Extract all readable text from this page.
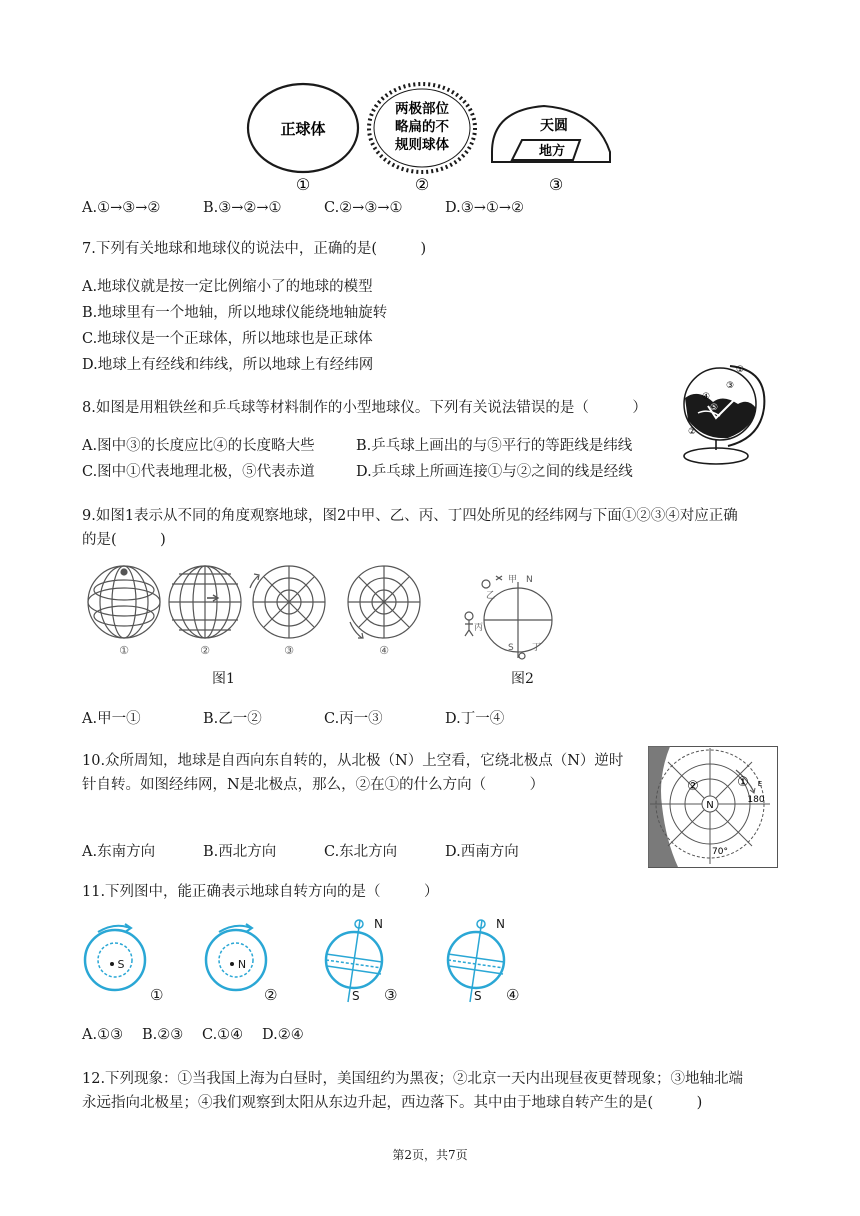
正球体
两极部位
略扁的不
规则球体
天圆
地方
①	②	③
A.①→③→②	B.③→②→①	C.②→③→①	D.③→①→②
7.下列有关地球和地球仪的说法中，正确的是(　　　)
A.地球仪就是按一定比例缩小了的地球的模型
B.地球里有一个地轴，所以地球仪能绕地轴旋转
C.地球仪是一个正球体，所以地球也是正球体
D.地球上有经线和纬线，所以地球上有经纬网
8.如图是用粗铁丝和乒乓球等材料制作的小型地球仪。下列有关说法错误的是（　　　）
A.图中③的长度应比④的长度略大些	B.乒乓球上画出的与⑤平行的等距线是纬线
C.图中①代表地理北极，⑤代表赤道	D.乒乓球上所画连接①与②之间的线是经线
①
③
④
⑤
②
9.如图1表示从不同的角度观察地球，图2中甲、乙、丙、丁四处所见的经纬网与下面①②③④对应正确
的是(　　　)
①	②	③	④
甲 N
乙
丙
S 丁
图1	图2
A.甲一①	B.乙一②	C.丙一③	D.丁一④
10.众所周知，地球是自西向东自转的，从北极（N）上空看，它绕北极点（N）逆时
针自转。如图经纬网，N是北极点，那么，②在①的什么方向（　　　）
N
②	①
180
70°
E
A.东南方向	B.西北方向	C.东北方向	D.西南方向
11.下列图中，能正确表示地球自转方向的是（　　　）
S
①
N
②
N
S ③
N
S ④
A.①③ B.②③ C.①④ D.②④
12.下列现象：①当我国上海为白昼时，美国纽约为黑夜；②北京一天内出现昼夜更替现象；③地轴北端
永远指向北极星；④我们观察到太阳从东边升起，西边落下。其中由于地球自转产生的是(　　　)
第2页，共7页
